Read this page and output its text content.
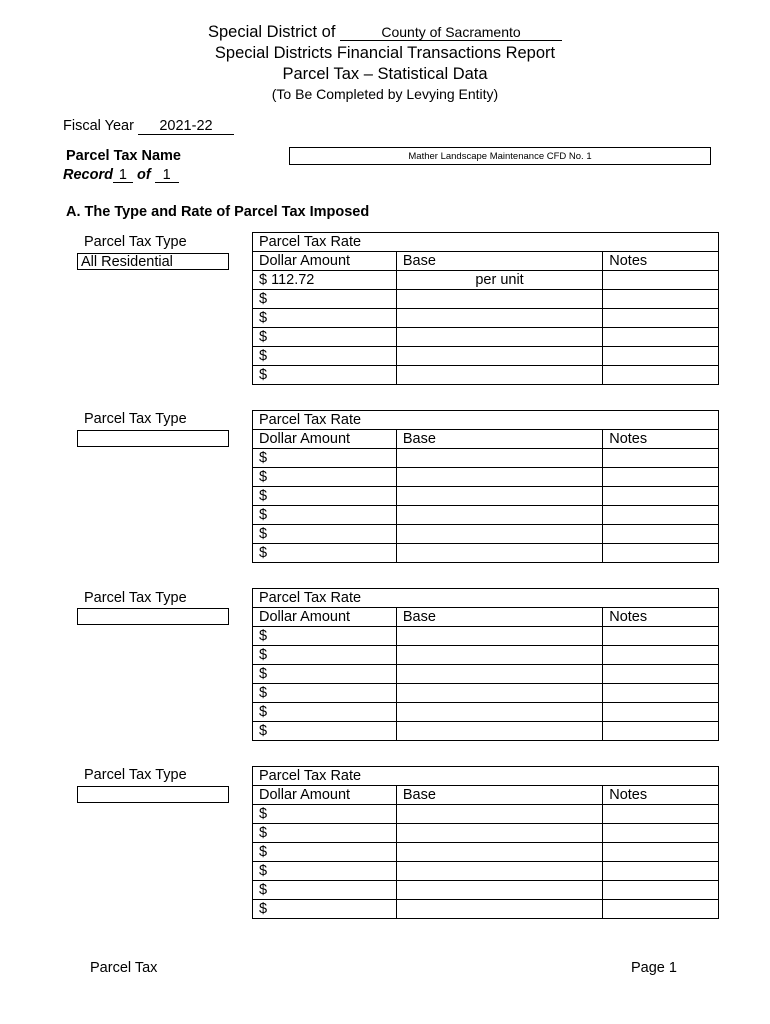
Special District of	County of Sacramento
Special Districts Financial Transactions Report
Parcel Tax – Statistical Data
(To Be Completed by Levying Entity)
Fiscal Year 2021-22
Parcel Tax Name	Mather Landscape Maintenance CFD No. 1
Record 1 of 1
A. The Type and Rate of Parcel Tax Imposed
Parcel Tax Type
All Residential
Parcel Tax Rate		
Dollar Amount	Base	Notes
$ 112.72	per unit	
$		
$		
$		
$		
$		
Parcel Tax Type	Parcel Tax Rate		
Dollar Amount	Base	Notes
$		
$		
$		
$		
$		
$		
Parcel Tax Type	Parcel Tax Rate		
Dollar Amount	Base	Notes
$		
$		
$		
$		
$		
$		
Parcel Tax Type	Parcel Tax Rate		
Dollar Amount	Base	Notes
$		
$		
$		
$		
$		
$		
Parcel Tax	Page 1
